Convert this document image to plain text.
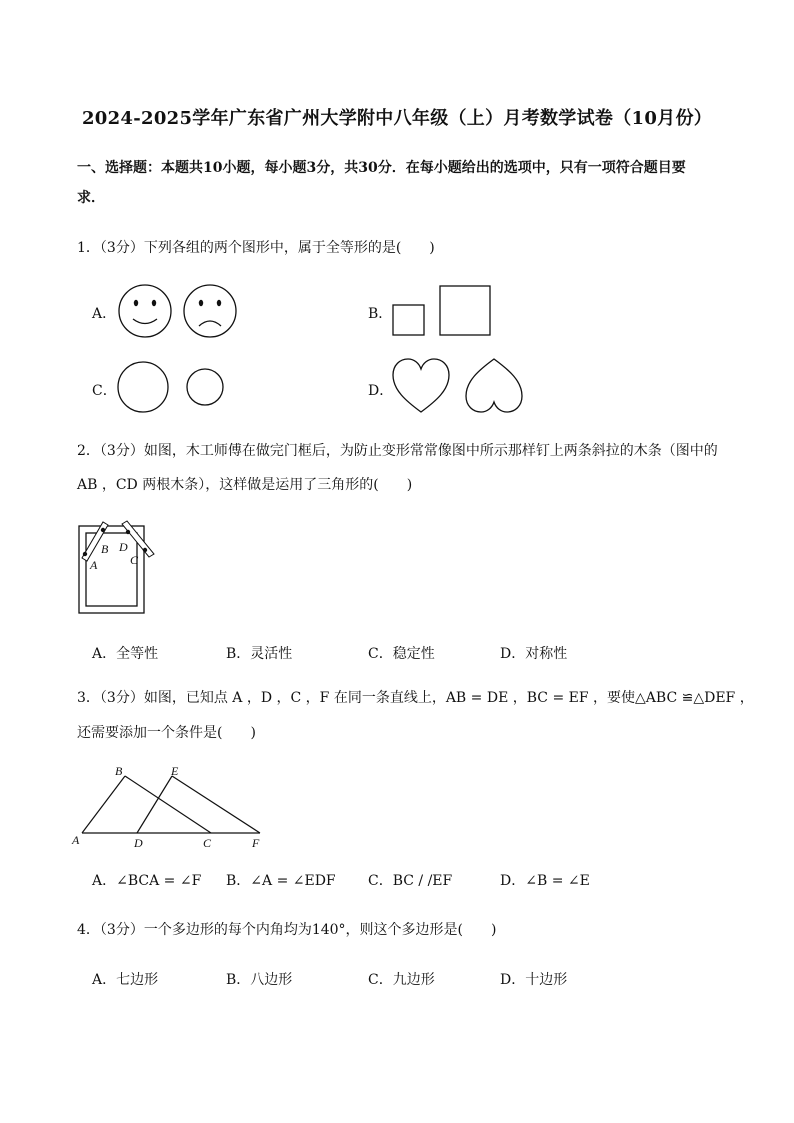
2024-2025学年广东省广州大学附中八年级（上）月考数学试卷（10月份）
一、选择题：本题共10小题，每小题3分，共30分．在每小题给出的选项中，只有一项符合题目要
求．
1．（3分）下列各组的两个图形中，属于全等形的是(　　)
A．	B．
C．	D．
2．（3分）如图，木工师傅在做完门框后，为防止变形常常像图中所示那样钉上两条斜拉的木条（图中的
AB ，CD 两根木条），这样做是运用了三角形的(　　)
B D
A	C
A．全等性	B．灵活性	C．稳定性	D．对称性
3．（3分）如图，已知点 A ，D ，C ，F 在同一条直线上，AB = DE ，BC = EF ，要使△ABC ≌△DEF ，
还需要添加一个条件是(　　)
B	E
A	D	C	F
A．∠BCA = ∠F B．∠A = ∠EDF C．BC / /EF	D．∠B = ∠E
4．（3分）一个多边形的每个内角均为140°，则这个多边形是(　　)
A．七边形	B．八边形	C．九边形	D．十边形
